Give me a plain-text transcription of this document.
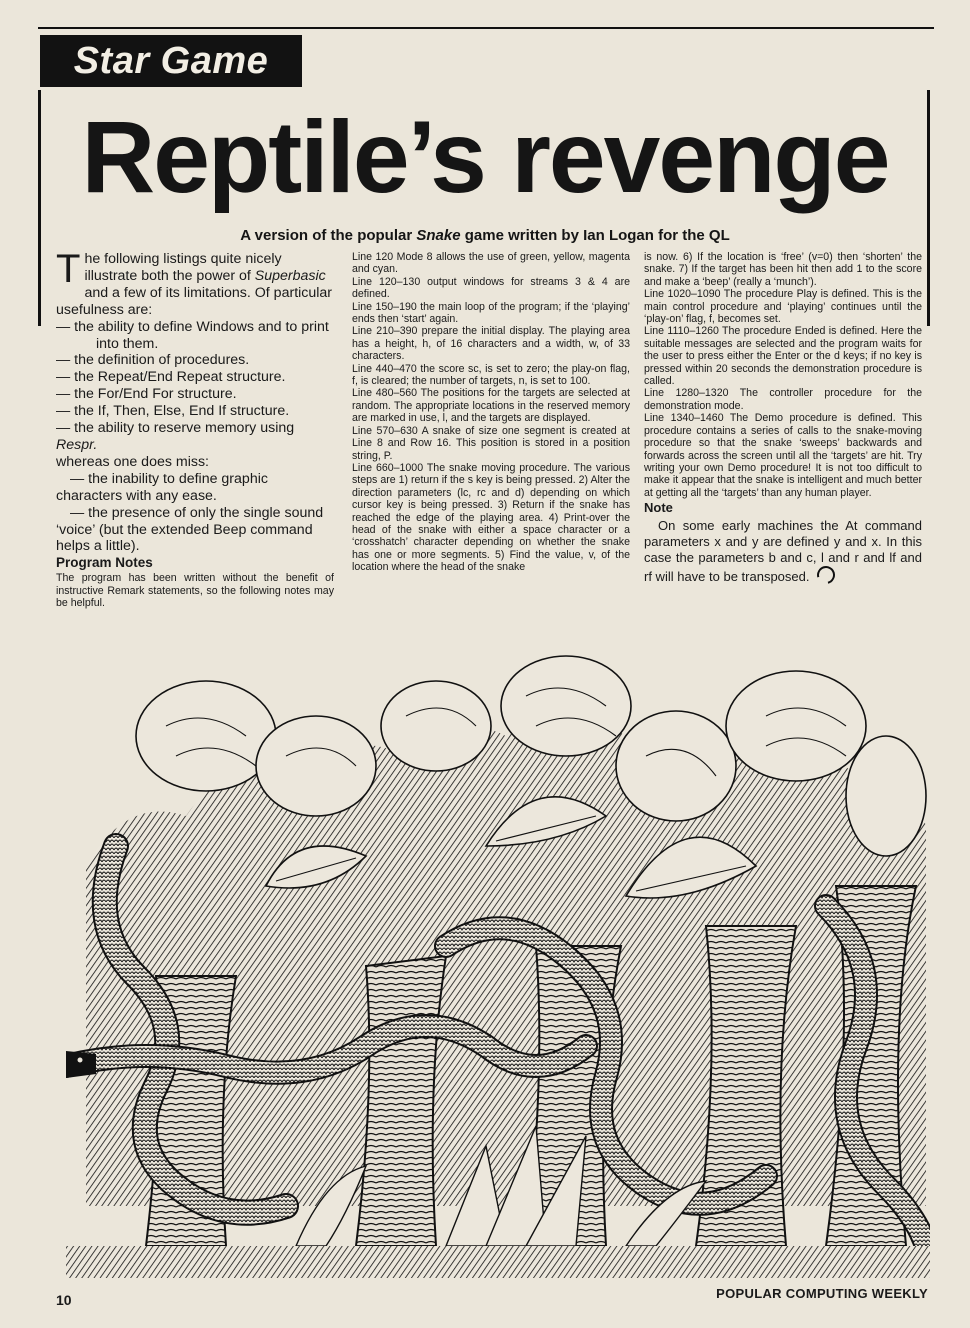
Star Game
Reptile’s revenge
A version of the popular Snake game written by Ian Logan for the QL

The following listings quite nicely illustrate both the power of Superbasic and a few of its limitations. Of particular usefulness are:

— the ability to define Windows and to print into them.

— the definition of procedures.

— the Repeat/End Repeat structure.

— the For/End For structure.

— the If, Then, Else, End If structure.

— the ability to reserve memory using

Respr.

whereas one does miss:

— the inability to define graphic characters with any ease.

— the presence of only the single sound ‘voice’ (but the extended Beep command helps a little).

Program Notes

The program has been written without the benefit of instructive Remark statements, so the following notes may be helpful.

Line 120 Mode 8 allows the use of green, yellow, magenta and cyan.

Line 120–130 output windows for streams 3 & 4 are defined.

Line 150–190 the main loop of the program; if the ‘playing’ ends then ‘start’ again.

Line 210–390 prepare the initial display. The playing area has a height, h, of 16 characters and a width, w, of 33 characters.

Line 440–470 the score sc, is set to zero; the play-on flag, f, is cleared; the number of targets, n, is set to 100.

Line 480–560 The positions for the targets are selected at random. The appropriate locations in the reserved memory are marked in use, l, and the targets are displayed.

Line 570–630 A snake of size one segment is created at Line 8 and Row 16. This position is stored in a position string, P.

Line 660–1000 The snake moving procedure. The various steps are 1) return if the s key is being pressed. 2) Alter the direction parameters (lc, rc and d) depending on which cursor key is being pressed. 3) Return if the snake has reached the edge of the playing area. 4) Print-over the head of the snake with either a space character or a ‘crosshatch’ character depending on whether the snake has one or more segments. 5) Find the value, v, of the location where the head of the snake

is now. 6) If the location is ‘free’ (v=0) then ‘shorten’ the snake. 7) If the target has been hit then add 1 to the score and make a ‘beep’ (really a ‘munch’).

Line 1020–1090 The procedure Play is defined. This is the main control procedure and ‘playing’ continues until the ‘play-on’ flag, f, becomes set.

Line 1110–1260 The procedure Ended is defined. Here the suitable messages are selected and the program waits for the user to press either the Enter or the d keys; if no key is pressed within 20 seconds the demonstration procedure is called.

Line 1280–1320 The controller procedure for the demonstration mode.

Line 1340–1460 The Demo procedure is defined. This procedure contains a series of calls to the snake-moving procedure so that the snake ‘sweeps’ backwards and forwards across the screen until all the ‘targets’ are hit. Try writing your own Demo procedure! It is not too difficult to make it appear that the snake is intelligent and much better at getting all the ‘targets’ than any human player.

Note

On some early machines the At command parameters x and y are defined y and x. In this case the parameters b and c, l and r and lf and rf will have to be transposed.

10	POPULAR COMPUTING WEEKLY
